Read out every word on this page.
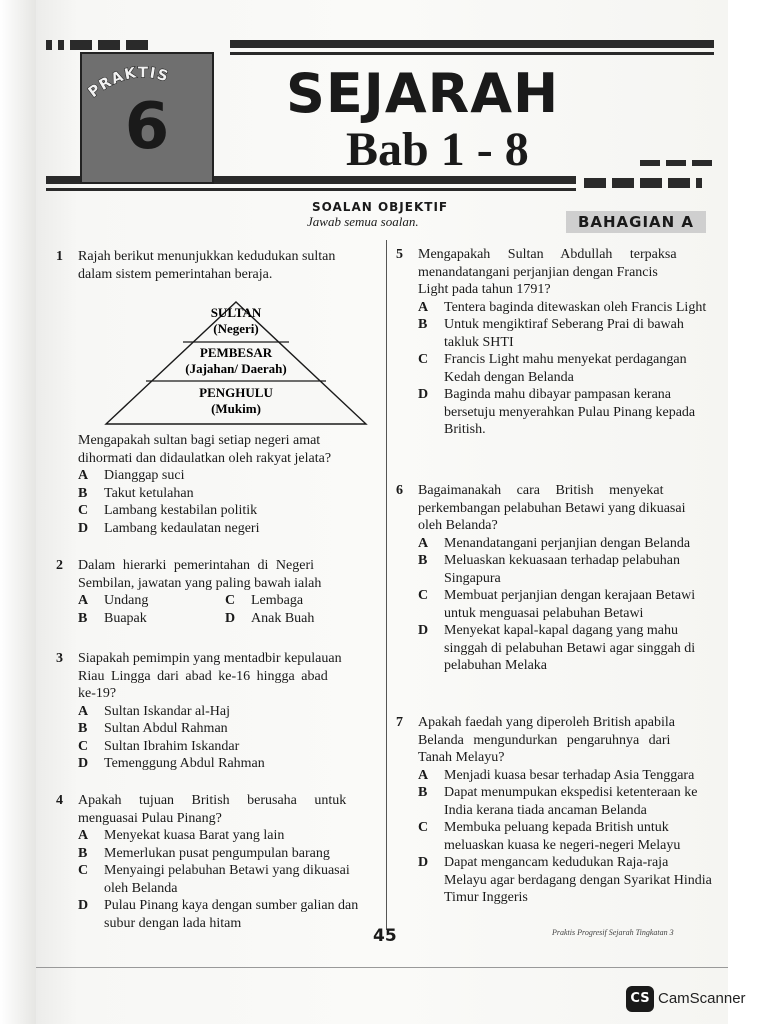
6
PRAKTIS SEJARAH
Bab 1 - 8
SOALAN OBJEKTIF
Jawab semua soalan.	BAHAGIAN A
1 Rajah berikut menunjukkan kedudukan sultan
dalam sistem pemerintahan beraja.
SULTAN
(Negeri)
PEMBESAR
(Jajahan/ Daerah)
PENGHULU
(Mukim)
Mengapakah sultan bagi setiap negeri amat
dihormati dan didaulatkan oleh rakyat jelata?
A Dianggap suci
B Takut ketulahan
C Lambang kestabilan politik
D Lambang kedaulatan negeri
2 Dalam hierarki pemerintahan di Negeri
Sembilan, jawatan yang paling bawah ialah
A Undang	C Lembaga
B Buapak	D Anak Buah
3 Siapakah pemimpin yang mentadbir kepulauan
Riau Lingga dari abad ke-16 hingga abad
ke-19?
A Sultan Iskandar al-Haj
B Sultan Abdul Rahman
C Sultan Ibrahim Iskandar
D Temenggung Abdul Rahman
4 Apakah tujuan British berusaha untuk
menguasai Pulau Pinang?
A Menyekat kuasa Barat yang lain
B Memerlukan pusat pengumpulan barang
C Menyaingi pelabuhan Betawi yang dikuasai oleh Belanda
D Pulau Pinang kaya dengan sumber galian dan subur dengan lada hitam
5 Mengapakah Sultan Abdullah terpaksa
menandatangani perjanjian dengan Francis
Light pada tahun 1791?
A Tentera baginda ditewaskan oleh Francis Light
B Untuk mengiktiraf Seberang Prai di bawah takluk SHTI
C Francis Light mahu menyekat perdagangan Kedah dengan Belanda
D Baginda mahu dibayar pampasan kerana bersetuju menyerahkan Pulau Pinang kepada British.
6 Bagaimanakah cara British menyekat
perkembangan pelabuhan Betawi yang dikuasai
oleh Belanda?
A Menandatangani perjanjian dengan Belanda
B Meluaskan kekuasaan terhadap pelabuhan Singapura
C Membuat perjanjian dengan kerajaan Betawi untuk menguasai pelabuhan Betawi
D Menyekat kapal-kapal dagang yang mahu singgah di pelabuhan Betawi agar singgah di pelabuhan Melaka
7 Apakah faedah yang diperoleh British apabila
Belanda mengundurkan pengaruhnya dari
Tanah Melayu?
A Menjadi kuasa besar terhadap Asia Tenggara
B Dapat menumpukan ekspedisi ketenteraan ke India kerana tiada ancaman Belanda
C Membuka peluang kepada British untuk meluaskan kuasa ke negeri-negeri Melayu
D Dapat mengancam kedudukan Raja-raja Melayu agar berdagang dengan Syarikat Hindia Timur Inggeris
45	Praktis Progresif Sejarah Tingkatan 3
CS CamScanner
